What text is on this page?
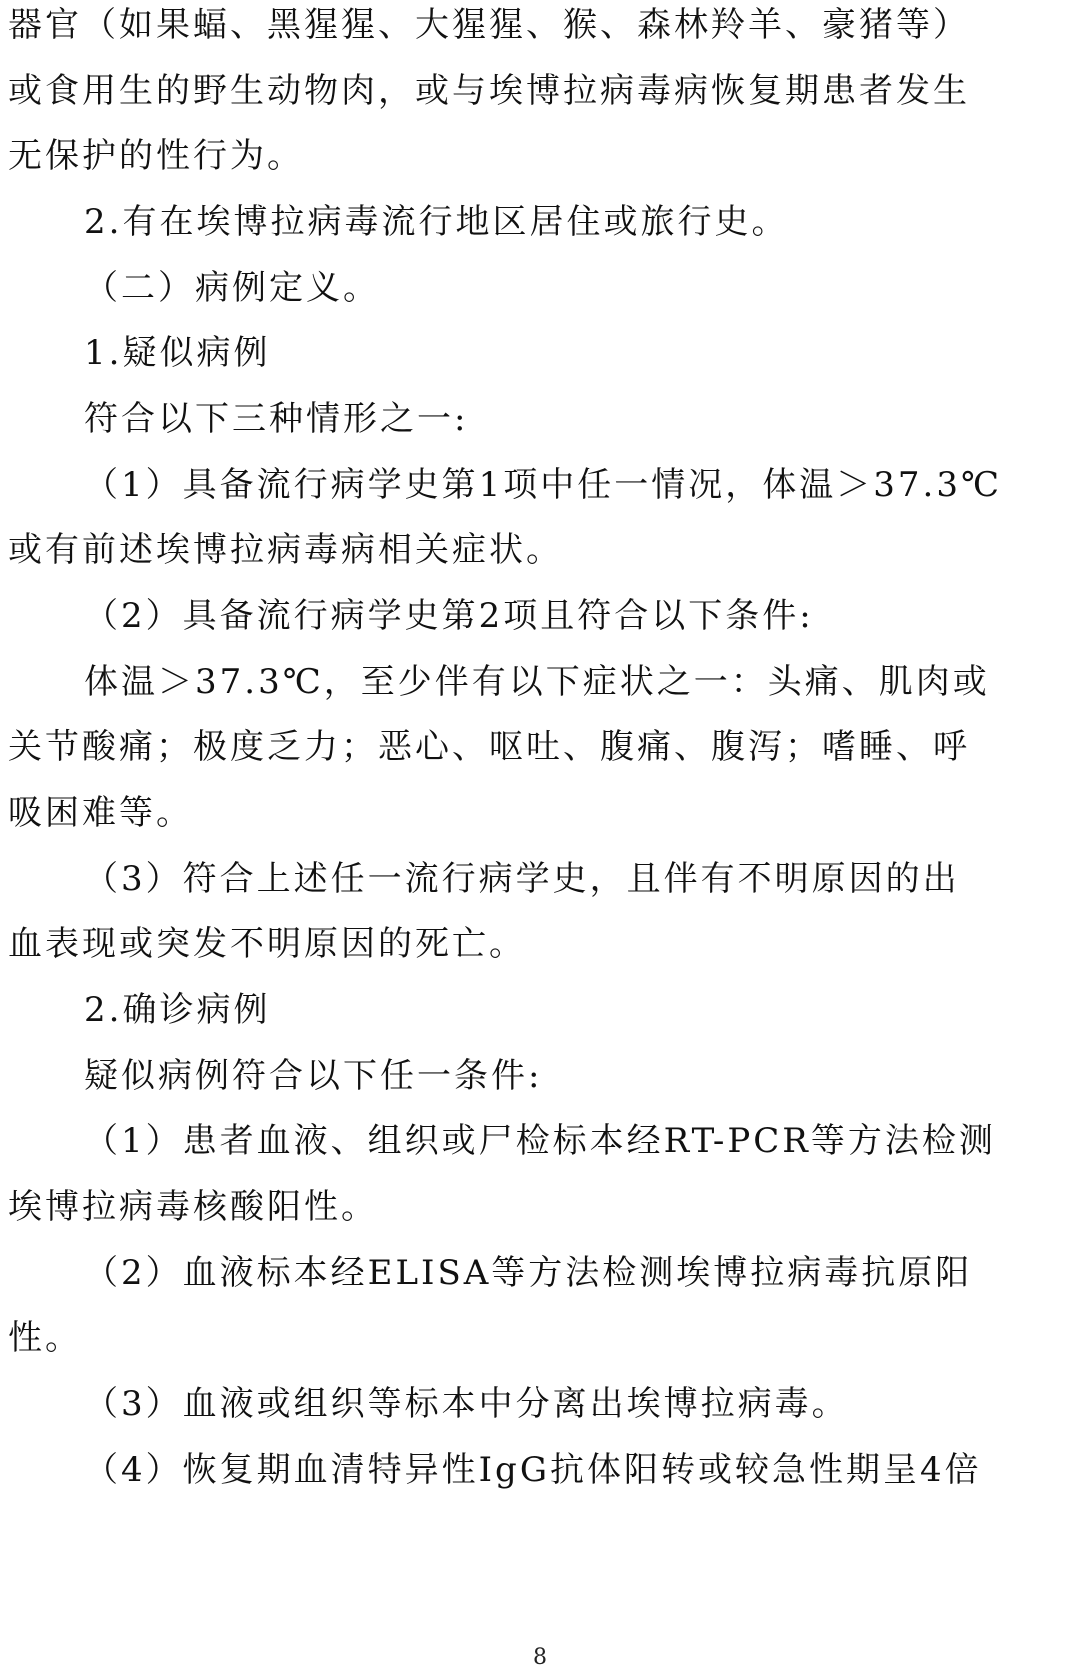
器官（如果蝠、黑猩猩、大猩猩、猴、森林羚羊、豪猪等）
或食用生的野生动物肉，或与埃博拉病毒病恢复期患者发生
无保护的性行为。
2.有在埃博拉病毒流行地区居住或旅行史。
（二）病例定义。
1.疑似病例
符合以下三种情形之一:
（1）具备流行病学史第1项中任一情况，体温＞37.3℃
或有前述埃博拉病毒病相关症状。
（2）具备流行病学史第2项且符合以下条件:
体温＞37.3℃，至少伴有以下症状之一：头痛、肌肉或
关节酸痛；极度乏力；恶心、呕吐、腹痛、腹泻；嗜睡、呼
吸困难等。
（3）符合上述任一流行病学史，且伴有不明原因的出
血表现或突发不明原因的死亡。
2.确诊病例
疑似病例符合以下任一条件:
（1）患者血液、组织或尸检标本经RT-PCR等方法检测
埃博拉病毒核酸阳性。
（2）血液标本经ELISA等方法检测埃博拉病毒抗原阳
性。
（3）血液或组织等标本中分离出埃博拉病毒。
（4）恢复期血清特异性IgG抗体阳转或较急性期呈4倍
8
